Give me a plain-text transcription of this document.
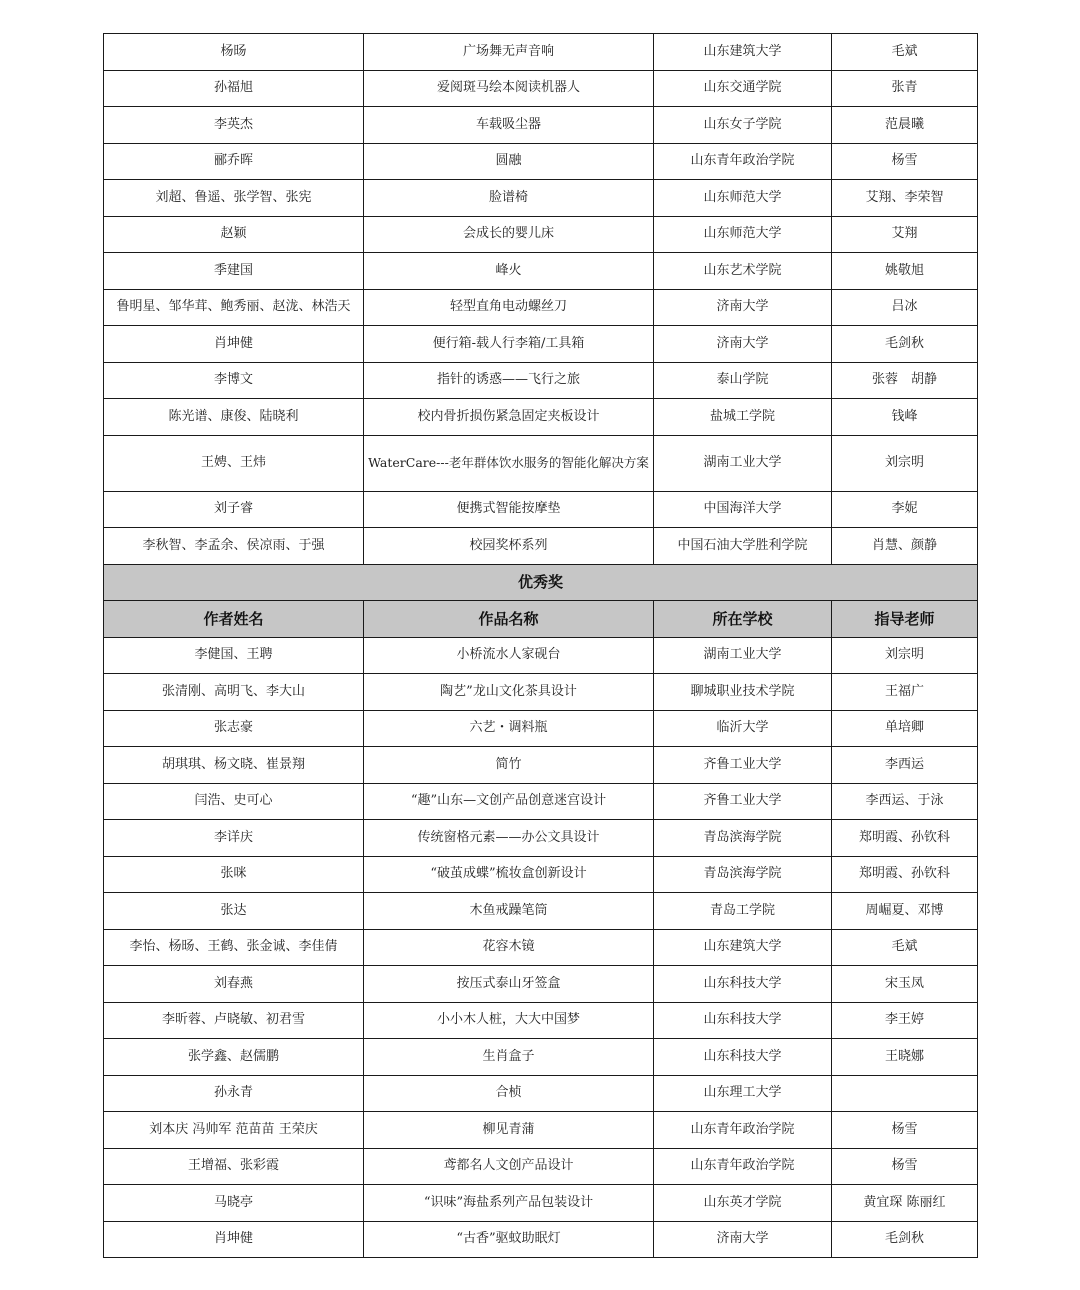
杨旸	广场舞无声音响	山东建筑大学	毛斌
孙福旭	爱阅斑马绘本阅读机器人	山东交通学院	张青
李英杰	车载吸尘器	山东女子学院	范晨曦
郦乔晖	圆融	山东青年政治学院	杨雪
刘超、鲁遥、张学智、张宪	脸谱椅	山东师范大学	艾翔、李荣智
赵颖	会成长的婴儿床	山东师范大学	艾翔
季建国	峰火	山东艺术学院	姚敬旭
鲁明星、邹华茸、鲍秀丽、赵泷、林浩天	轻型直角电动螺丝刀	济南大学	吕冰
肖坤健	便行箱-载人行李箱/工具箱	济南大学	毛剑秋
李博文	指针的诱惑——飞行之旅	泰山学院	张蓉　胡静
陈光谱、康俊、陆晓利	校内骨折损伤紧急固定夹板设计	盐城工学院	钱峰
王娉、王炜	WaterCare---老年群体饮水服务的智能化解决方案	湖南工业大学	刘宗明
刘子睿	便携式智能按摩垫	中国海洋大学	李妮
李秋智、李孟余、侯凉雨、于强	校园奖杯系列	中国石油大学胜利学院	肖慧、颜静
优秀奖			
作者姓名	作品名称	所在学校	指导老师
李健国、王聘	小桥流水人家砚台	湖南工业大学	刘宗明
张清刚、高明飞、李大山	陶艺”龙山文化茶具设计	聊城职业技术学院	王福广
张志豪	六艺・调料瓶	临沂大学	单培卿
胡琪琪、杨文晓、崔景翔	简竹	齐鲁工业大学	李西运
闫浩、史可心	“趣”山东—文创产品创意迷宫设计	齐鲁工业大学	李西运、于泳
李详庆	传统窗格元素——办公文具设计	青岛滨海学院	郑明霞、孙钦科
张咪	“破茧成蝶”梳妆盒创新设计	青岛滨海学院	郑明霞、孙钦科
张达	木鱼戒躁笔筒	青岛工学院	周崛夏、邓博
李怡、杨旸、王鹤、张金诚、李佳倩	花容木镜	山东建筑大学	毛斌
刘春燕	按压式泰山牙签盒	山东科技大学	宋玉凤
李昕蓉、卢晓敏、初君雪	小小木人桩，大大中国梦	山东科技大学	李王婷
张学鑫、赵儒鹏	生肖盒子	山东科技大学	王晓娜
孙永青	合桢	山东理工大学	
刘本庆 冯帅军 范苗苗 王荣庆	柳见青蒲	山东青年政治学院	杨雪
王增福、张彩霞	鸢都名人文创产品设计	山东青年政治学院	杨雪
马晓亭	“识味”海盐系列产品包装设计	山东英才学院	黄宜琛 陈丽红
肖坤健	“古香”驱蚊助眠灯	济南大学	毛剑秋
